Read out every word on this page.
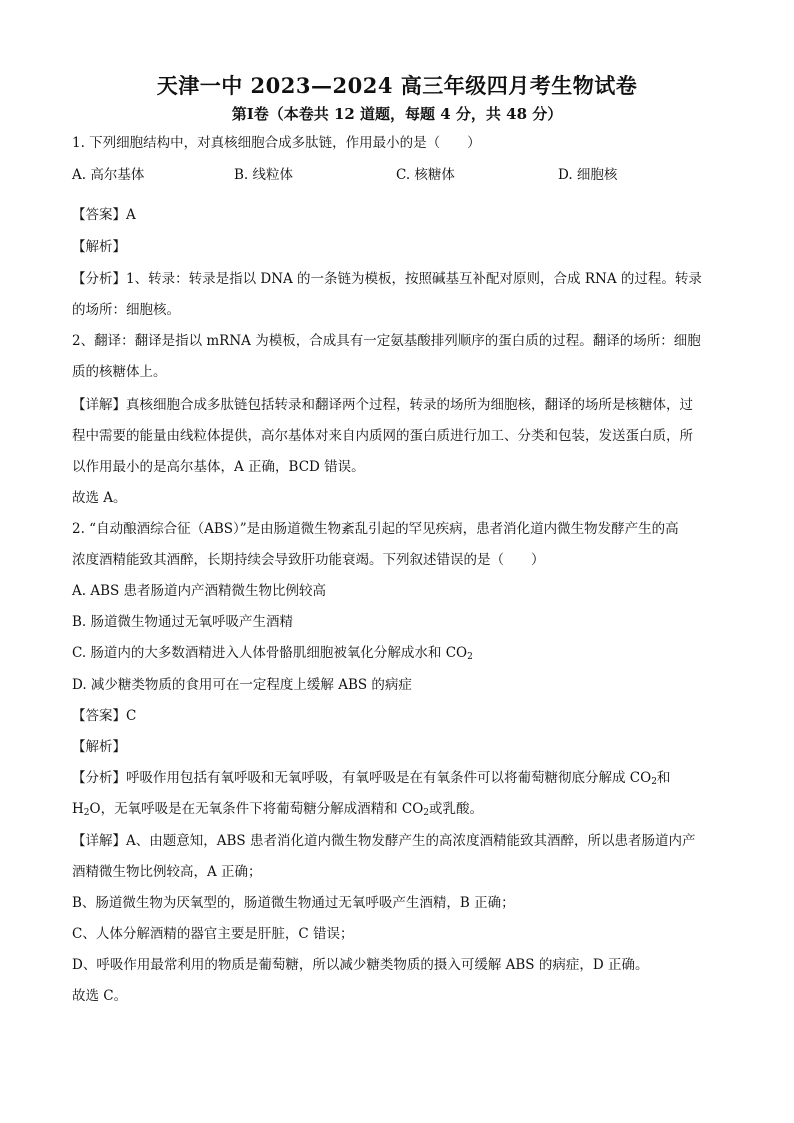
天津一中 2023—2024 高三年级四月考生物试卷
第Ⅰ卷（本卷共 12 道题，每题 4 分，共 48 分）
1. 下列细胞结构中，对真核细胞合成多肽链，作用最小的是（　　）
A. 高尔基体	B. 线粒体	C. 核糖体	D. 细胞核
【答案】A
【解析】
【分析】1、转录：转录是指以 DNA 的一条链为模板，按照碱基互补配对原则，合成 RNA 的过程。转录
的场所：细胞核。
2、翻译：翻译是指以 mRNA 为模板，合成具有一定氨基酸排列顺序的蛋白质的过程。翻译的场所：细胞
质的核糖体上。
【详解】真核细胞合成多肽链包括转录和翻译两个过程，转录的场所为细胞核，翻译的场所是核糖体，过
程中需要的能量由线粒体提供，高尔基体对来自内质网的蛋白质进行加工、分类和包装，发送蛋白质，所
以作用最小的是高尔基体，A 正确，BCD 错误。
故选 A。
2. “自动酿酒综合征（ABS）”是由肠道微生物紊乱引起的罕见疾病，患者消化道内微生物发酵产生的高
浓度酒精能致其酒醉，长期持续会导致肝功能衰竭。下列叙述错误的是（　　）
A. ABS 患者肠道内产酒精微生物比例较高
B. 肠道微生物通过无氧呼吸产生酒精
C. 肠道内的大多数酒精进入人体骨骼肌细胞被氧化分解成水和 $CO_2$
D. 减少糖类物质的食用可在一定程度上缓解 ABS 的病症
【答案】C
【解析】
【分析】呼吸作用包括有氧呼吸和无氧呼吸，有氧呼吸是在有氧条件可以将葡萄糖彻底分解成 $CO_2$和
$H_2O$，无氧呼吸是在无氧条件下将葡萄糖分解成酒精和 $CO_2$或乳酸。
【详解】A、由题意知，ABS 患者消化道内微生物发酵产生的高浓度酒精能致其酒醉，所以患者肠道内产
酒精微生物比例较高，A 正确；
B、肠道微生物为厌氧型的，肠道微生物通过无氧呼吸产生酒精，B 正确；
C、人体分解酒精的器官主要是肝脏，C 错误；
D、呼吸作用最常利用的物质是葡萄糖，所以减少糖类物质的摄入可缓解 ABS 的病症，D 正确。
故选 C。
